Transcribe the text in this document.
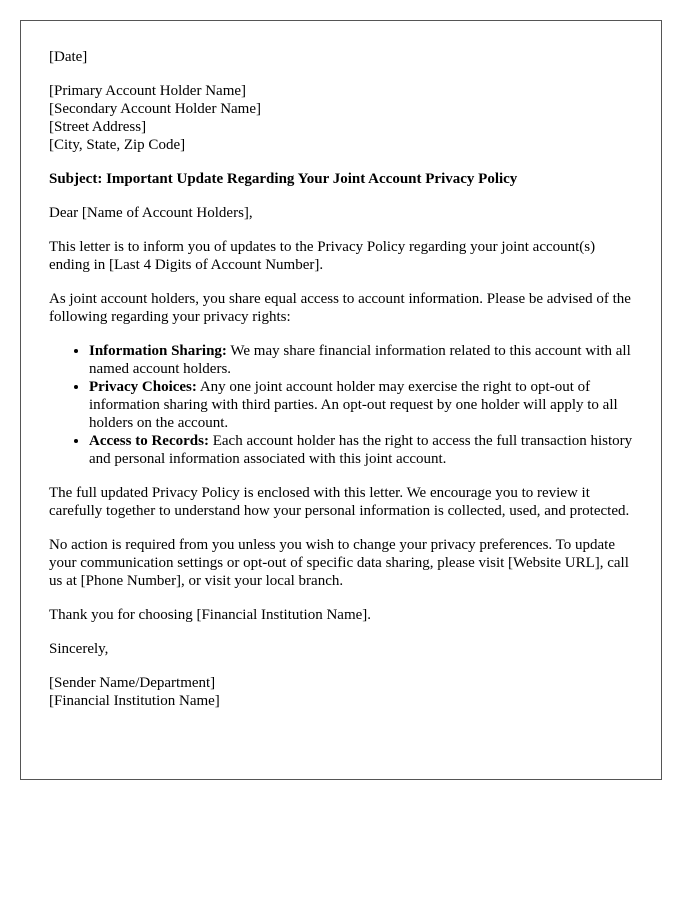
[Date]

[Primary Account Holder Name]
[Secondary Account Holder Name]
[Street Address]
[City, State, Zip Code]

Subject: Important Update Regarding Your Joint Account Privacy Policy

Dear [Name of Account Holders],

This letter is to inform you of updates to the Privacy Policy regarding your joint account(s) ending in [Last 4 Digits of Account Number].

As joint account holders, you share equal access to account information. Please be advised of the following regarding your privacy rights:

• Information Sharing: We may share financial information related to this account with all named account holders.
• Privacy Choices: Any one joint account holder may exercise the right to opt-out of information sharing with third parties. An opt-out request by one holder will apply to all holders on the account.
• Access to Records: Each account holder has the right to access the full transaction history and personal information associated with this joint account.

The full updated Privacy Policy is enclosed with this letter. We encourage you to review it carefully together to understand how your personal information is collected, used, and protected.

No action is required from you unless you wish to change your privacy preferences. To update your communication settings or opt-out of specific data sharing, please visit [Website URL], call us at [Phone Number], or visit your local branch.

Thank you for choosing [Financial Institution Name].

Sincerely,

[Sender Name/Department]
[Financial Institution Name]
